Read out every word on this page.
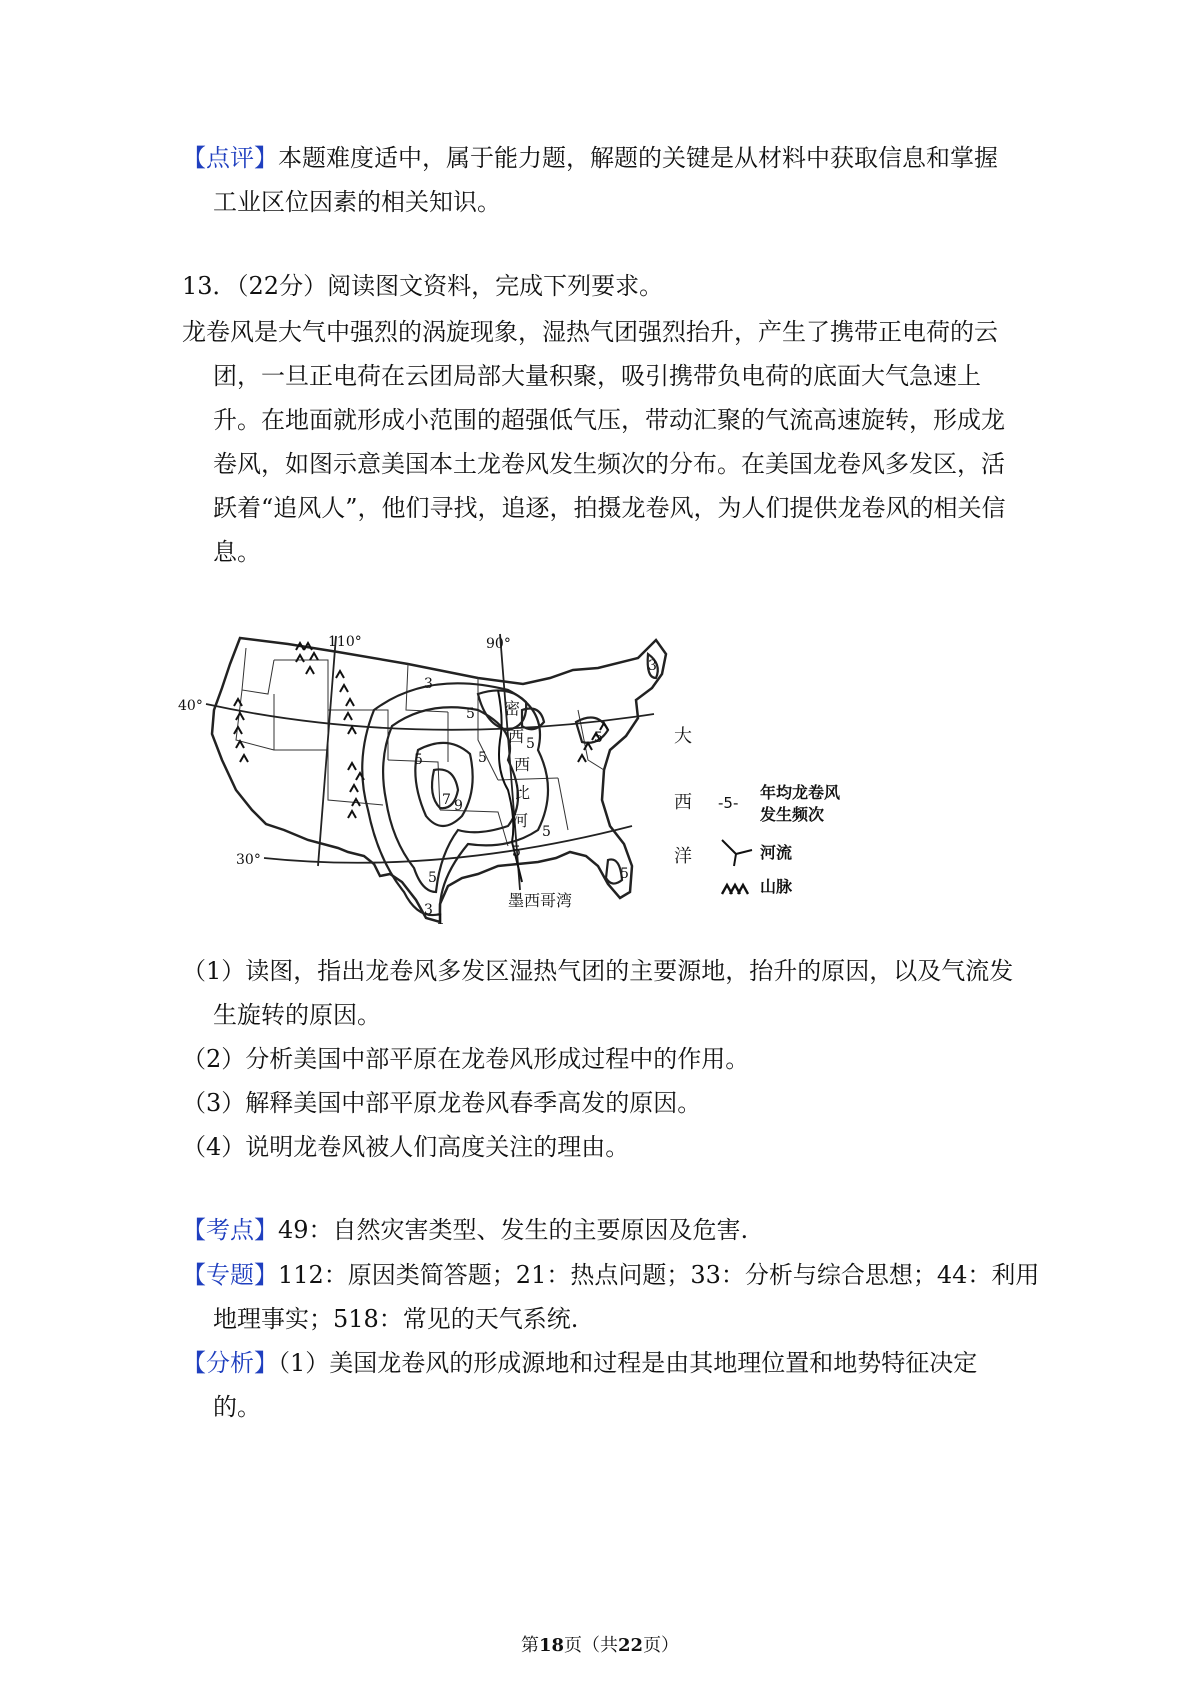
【点评】本题难度适中，属于能力题，解题的关键是从材料中获取信息和掌握
工业区位因素的相关知识。
13．（22分）阅读图文资料，完成下列要求。
龙卷风是大气中强烈的涡旋现象，湿热气团强烈抬升，产生了携带正电荷的云
团，一旦正电荷在云团局部大量积聚，吸引携带负电荷的底面大气急速上
升。在地面就形成小范围的超强低气压，带动汇聚的气流高速旋转，形成龙
卷风，如图示意美国本土龙卷风发生频次的分布。在美国龙卷风多发区，活
跃着“追风人”，他们寻找，追逐，拍摄龙卷风，为人们提供龙卷风的相关信
息。
110°	90°
40°
30°
3
5
5
5	5
7 9
5
5
5
3
5
3
1
5
密
西
西
比
河
大
西
洋
墨西哥湾
-5-
年均龙卷风
发生频次
河流
山脉
（1）读图，指出龙卷风多发区湿热气团的主要源地，抬升的原因，以及气流发
生旋转的原因。
（2）分析美国中部平原在龙卷风形成过程中的作用。
（3）解释美国中部平原龙卷风春季高发的原因。
（4）说明龙卷风被人们高度关注的理由。
【考点】49：自然灾害类型、发生的主要原因及危害.
【专题】112：原因类简答题；21：热点问题；33：分析与综合思想；44：利用
地理事实；518：常见的天气系统.
【分析】（1）美国龙卷风的形成源地和过程是由其地理位置和地势特征决定
的。
第18页（共22页）
